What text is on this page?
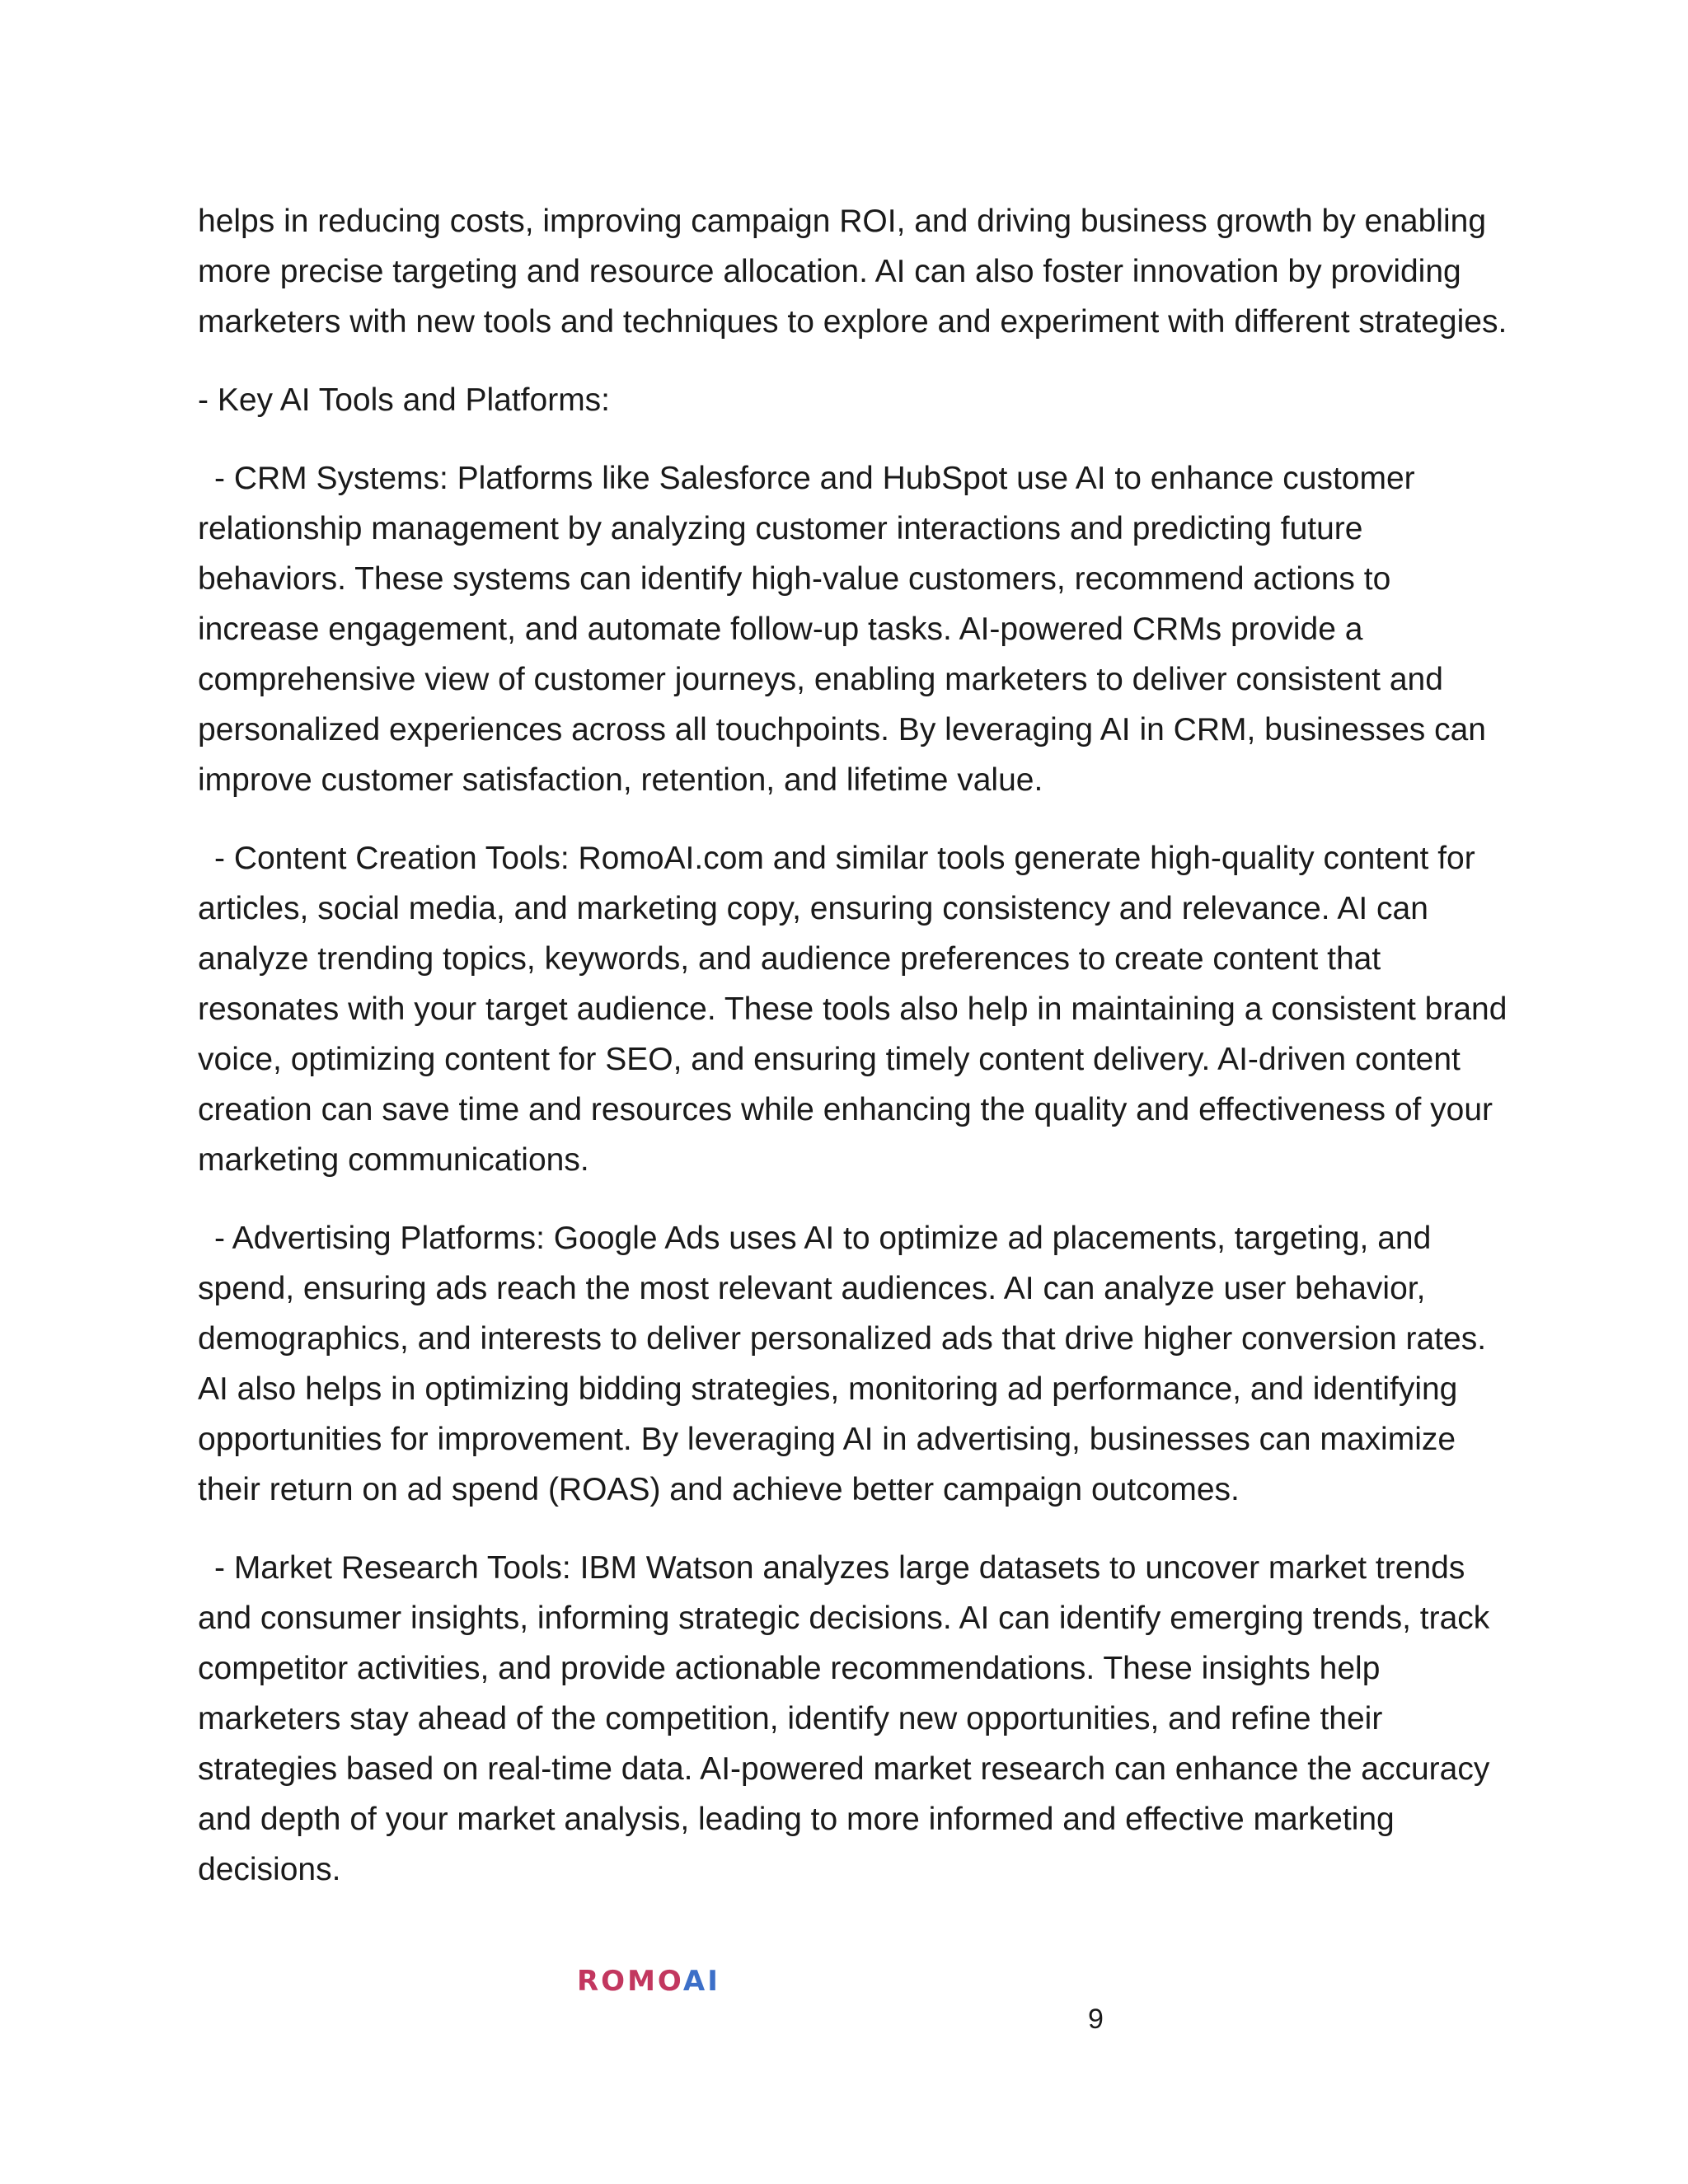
helps in reducing costs, improving campaign ROI, and driving business growth by enabling more precise targeting and resource allocation. AI can also foster innovation by providing marketers with new tools and techniques to explore and experiment with different strategies.

- Key AI Tools and Platforms:

- CRM Systems: Platforms like Salesforce and HubSpot use AI to enhance customer relationship management by analyzing customer interactions and predicting future behaviors. These systems can identify high-value customers, recommend actions to increase engagement, and automate follow-up tasks. AI-powered CRMs provide a comprehensive view of customer journeys, enabling marketers to deliver consistent and personalized experiences across all touchpoints. By leveraging AI in CRM, businesses can improve customer satisfaction, retention, and lifetime value.

- Content Creation Tools: RomoAI.com and similar tools generate high-quality content for articles, social media, and marketing copy, ensuring consistency and relevance. AI can analyze trending topics, keywords, and audience preferences to create content that resonates with your target audience. These tools also help in maintaining a consistent brand voice, optimizing content for SEO, and ensuring timely content delivery. AI-driven content creation can save time and resources while enhancing the quality and effectiveness of your marketing communications.

- Advertising Platforms: Google Ads uses AI to optimize ad placements, targeting, and spend, ensuring ads reach the most relevant audiences. AI can analyze user behavior, demographics, and interests to deliver personalized ads that drive higher conversion rates. AI also helps in optimizing bidding strategies, monitoring ad performance, and identifying opportunities for improvement. By leveraging AI in advertising, businesses can maximize their return on ad spend (ROAS) and achieve better campaign outcomes.

- Market Research Tools: IBM Watson analyzes large datasets to uncover market trends and consumer insights, informing strategic decisions. AI can identify emerging trends, track competitor activities, and provide actionable recommendations. These insights help marketers stay ahead of the competition, identify new opportunities, and refine their strategies based on real-time data. AI-powered market research can enhance the accuracy and depth of your market analysis, leading to more informed and effective marketing decisions.

ROMOAI
9
